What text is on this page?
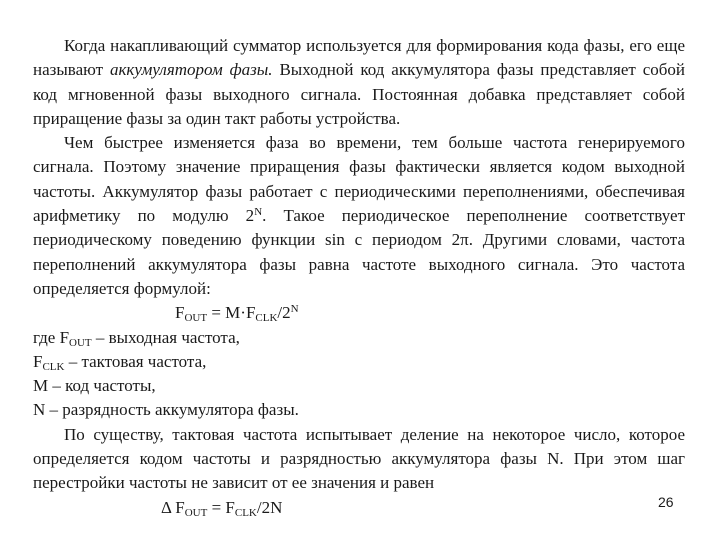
Когда накапливающий сумматор используется для формирования кода фазы, его еще называют аккумулятором фазы. Выходной код аккумулятора фазы представляет собой код мгновенной фазы выходного сигнала. Постоянная добавка представляет собой приращение фазы за один такт работы устройства.

Чем быстрее изменяется фаза во времени, тем больше частота генерируемого сигнала. Поэтому значение приращения фазы фактически является кодом выходной частоты. Аккумулятор фазы работает с периодическими переполнениями, обеспечивая арифметику по модулю $2^N$. Такое периодическое переполнение соответствует периодическому поведению функции sin с периодом 2π. Другими словами, частота переполнений аккумулятора фазы равна частоте выходного сигнала. Это частота определяется формулой:

$F_{OUT} = M\cdot F_{CLK}/2^N$

где $F_{OUT}$ – выходная частота,

$F_{CLK}$ – тактовая частота,

M – код частоты,

N – разрядность аккумулятора фазы.

По существу, тактовая частота испытывает деление на некоторое число, которое определяется кодом частоты и разрядностью аккумулятора фазы N. При этом шаг перестройки частоты не зависит от ее значения и равен

Δ $F_{OUT} = F_{CLK}/2N$	26
